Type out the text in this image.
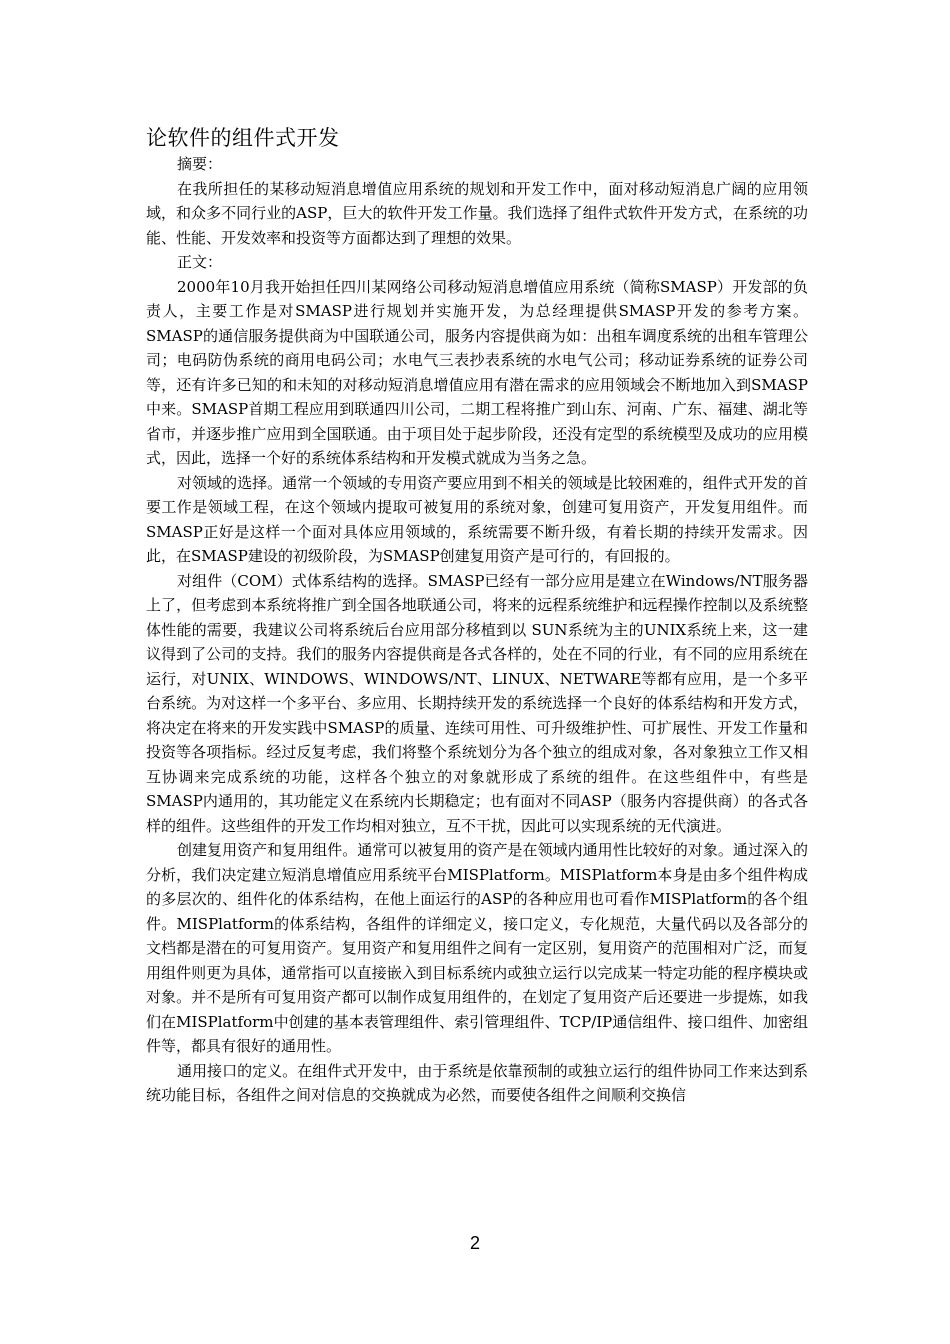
论软件的组件式开发

摘要：

在我所担任的某移动短消息增值应用系统的规划和开发工作中，面对移动短消息广阔的应用领域，和众多不同行业的ASP，巨大的软件开发工作量。我们选择了组件式软件开发方式，在系统的功能、性能、开发效率和投资等方面都达到了理想的效果。

正文：

2000年10月我开始担任四川某网络公司移动短消息增值应用系统（简称SMASP）开发部的负责人，主要工作是对SMASP进行规划并实施开发，为总经理提供SMASP开发的参考方案。SMASP的通信服务提供商为中国联通公司，服务内容提供商为如：出租车调度系统的出租车管理公司；电码防伪系统的商用电码公司；水电气三表抄表系统的水电气公司；移动证券系统的证券公司等，还有许多已知的和未知的对移动短消息增值应用有潜在需求的应用领域会不断地加入到SMASP中来。SMASP首期工程应用到联通四川公司，二期工程将推广到山东、河南、广东、福建、湖北等省市，并逐步推广应用到全国联通。由于项目处于起步阶段，还没有定型的系统模型及成功的应用模式，因此，选择一个好的系统体系结构和开发模式就成为当务之急。

对领域的选择。通常一个领域的专用资产要应用到不相关的领域是比较困难的，组件式开发的首要工作是领域工程，在这个领域内提取可被复用的系统对象，创建可复用资产，开发复用组件。而SMASP正好是这样一个面对具体应用领域的，系统需要不断升级，有着长期的持续开发需求。因此，在SMASP建设的初级阶段，为SMASP创建复用资产是可行的，有回报的。

对组件（COM）式体系结构的选择。SMASP已经有一部分应用是建立在Windows/NT服务器上了，但考虑到本系统将推广到全国各地联通公司，将来的远程系统维护和远程操作控制以及系统整体性能的需要，我建议公司将系统后台应用部分移植到以 SUN系统为主的UNIX系统上来，这一建议得到了公司的支持。我们的服务内容提供商是各式各样的，处在不同的行业，有不同的应用系统在运行，对UNIX、WINDOWS、WINDOWS/NT、LINUX、NETWARE等都有应用，是一个多平台系统。为对这样一个多平台、多应用、长期持续开发的系统选择一个良好的体系结构和开发方式，将决定在将来的开发实践中SMASP的质量、连续可用性、可升级维护性、可扩展性、开发工作量和投资等各项指标。经过反复考虑，我们将整个系统划分为各个独立的组成对象，各对象独立工作又相互协调来完成系统的功能，这样各个独立的对象就形成了系统的组件。在这些组件中，有些是SMASP内通用的，其功能定义在系统内长期稳定；也有面对不同ASP（服务内容提供商）的各式各样的组件。这些组件的开发工作均相对独立，互不干扰，因此可以实现系统的无代演进。

创建复用资产和复用组件。通常可以被复用的资产是在领域内通用性比较好的对象。通过深入的分析，我们决定建立短消息增值应用系统平台MISPlatform。MISPlatform本身是由多个组件构成的多层次的、组件化的体系结构，在他上面运行的ASP的各种应用也可看作MISPlatform的各个组件。MISPlatform的体系结构，各组件的详细定义，接口定义，专化规范，大量代码以及各部分的文档都是潜在的可复用资产。复用资产和复用组件之间有一定区别，复用资产的范围相对广泛，而复用组件则更为具体，通常指可以直接嵌入到目标系统内或独立运行以完成某一特定功能的程序模块或对象。并不是所有可复用资产都可以制作成复用组件的，在划定了复用资产后还要进一步提炼，如我们在MISPlatform中创建的基本表管理组件、索引管理组件、TCP/IP通信组件、接口组件、加密组件等，都具有很好的通用性。

通用接口的定义。在组件式开发中，由于系统是依靠预制的或独立运行的组件协同工作来达到系统功能目标，各组件之间对信息的交换就成为必然，而要使各组件之间顺利交换信

2
